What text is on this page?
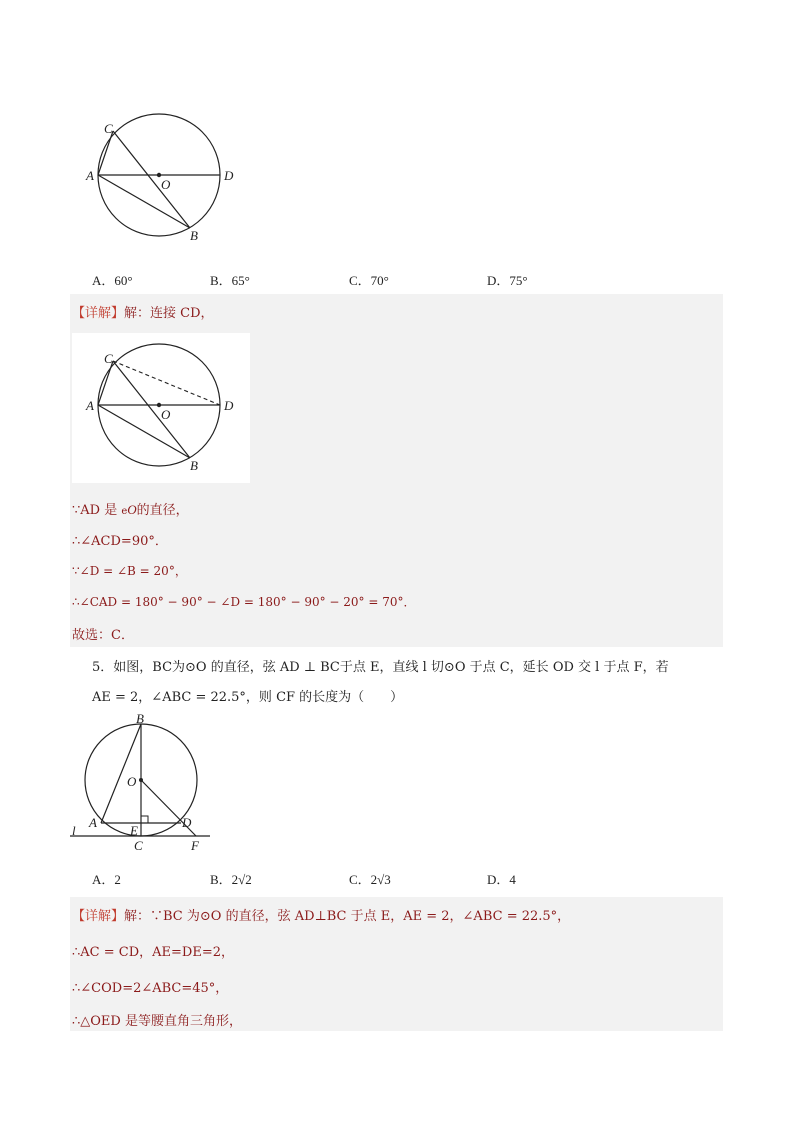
C
A
O
D
B
A．60°	B．65°	C．70°	D．75°
【详解】解：连接 CD，
C
A
O
D
B
∵AD 是 eO的直径，
∴∠ACD=90°．
∵∠D = ∠B = 20°，
∴∠CAD = 180° − 90° − ∠D = 180° − 90° − 20° = 70°．
故选：C．
5．如图，BC为⊙O 的直径，弦 AD ⊥ BC于点 E，直线 l 切⊙O 于点 C，延长 OD 交 l 于点 F，若
AE = 2，∠ABC = 22.5°，则 CF 的长度为（　　）
B
O
A	D
E
C	F
l
A．2	B．2√2	C．2√3	D．4
【详解】解：∵BC 为⊙O 的直径，弦 AD⊥BC 于点 E，AE = 2，∠ABC = 22.5°，
∴AC = CD，AE=DE=2，
∴∠COD=2∠ABC=45°，
∴△OED 是等腰直角三角形，
